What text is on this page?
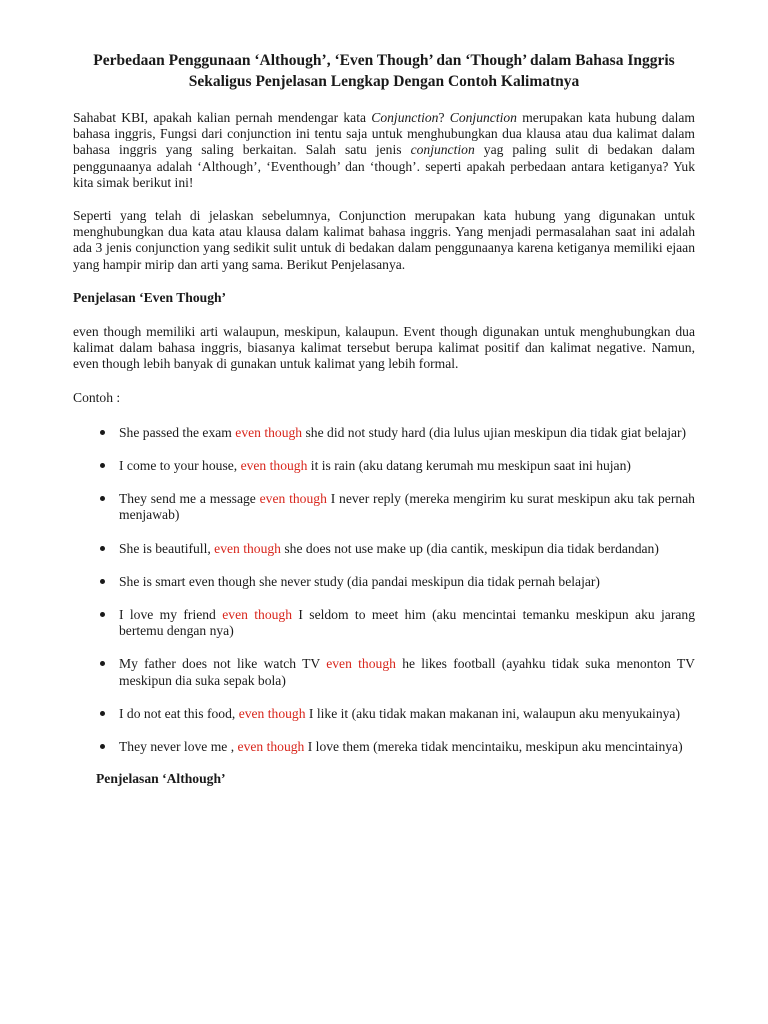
Perbedaan Penggunaan ‘Although’, ‘Even Though’ dan ‘Though’ dalam Bahasa Inggris Sekaligus Penjelasan Lengkap Dengan Contoh Kalimatnya

Sahabat KBI, apakah kalian pernah mendengar kata Conjunction? Conjunction merupakan kata hubung dalam bahasa inggris, Fungsi dari conjunction ini tentu saja untuk menghubungkan dua klausa atau dua kalimat dalam bahasa inggris yang saling berkaitan. Salah satu jenis conjunction yag paling sulit di bedakan dalam penggunaanya adalah ‘Although’, ‘Eventhough’ dan ‘though’. seperti apakah perbedaan antara ketiganya? Yuk kita simak berikut ini!

Seperti yang telah di jelaskan sebelumnya, Conjunction merupakan kata hubung yang digunakan untuk menghubungkan dua kata atau klausa dalam kalimat bahasa inggris. Yang menjadi permasalahan saat ini adalah ada 3 jenis conjunction yang sedikit sulit untuk di bedakan dalam penggunaanya karena ketiganya memiliki ejaan yang hampir mirip dan arti yang sama. Berikut Penjelasanya.

Penjelasan ‘Even Though’

even though memiliki arti walaupun, meskipun, kalaupun. Event though digunakan untuk menghubungkan dua kalimat dalam bahasa inggris, biasanya kalimat tersebut berupa kalimat positif dan kalimat negative. Namun, even though lebih banyak di gunakan untuk kalimat yang lebih formal.

Contoh :

She passed the exam even though she did not study hard (dia lulus ujian meskipun dia tidak giat belajar)

I come to your house, even though it is rain (aku datang kerumah mu meskipun saat ini hujan)

They send me a message even though I never reply (mereka mengirim ku surat meskipun aku tak pernah menjawab)

She is beautifull, even though she does not use make up (dia cantik, meskipun dia tidak berdandan)

She is smart even though she never study (dia pandai meskipun dia tidak pernah belajar)

I love my friend even though I seldom to meet him (aku mencintai temanku meskipun aku jarang bertemu dengan nya)

My father does not like watch TV even though he likes football (ayahku tidak suka menonton TV meskipun dia suka sepak bola)

I do not eat this food, even though I like it (aku tidak makan makanan ini, walaupun aku menyukainya)

They never love me , even though I love them (mereka tidak mencintaiku, meskipun aku mencintainya)

Penjelasan ‘Although’
